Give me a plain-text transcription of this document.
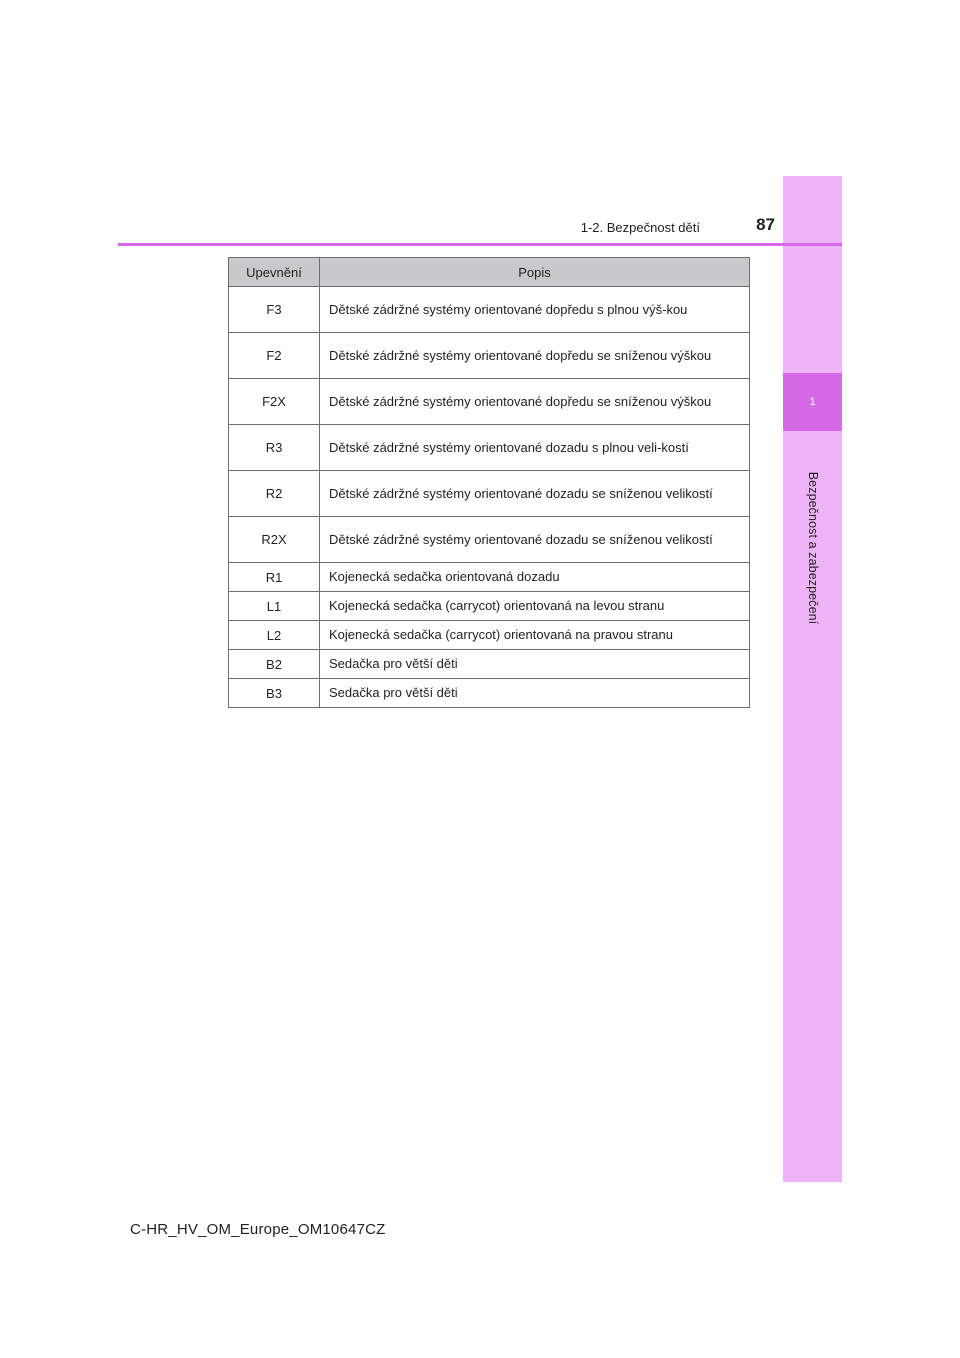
1
Bezpečnost a zabezpečení
1-2. Bezpečnost dětí	87
Upevnění	Popis
F3	Dětské zádržné systémy orientované dopředu s plnou výš-kou
F2	Dětské zádržné systémy orientované dopředu se sníženou výškou
F2X	Dětské zádržné systémy orientované dopředu se sníženou výškou
R3	Dětské zádržné systémy orientované dozadu s plnou veli-kostí
R2	Dětské zádržné systémy orientované dozadu se sníženou velikostí
R2X	Dětské zádržné systémy orientované dozadu se sníženou velikostí
R1	Kojenecká sedačka orientovaná dozadu
L1	Kojenecká sedačka (carrycot) orientovaná na levou stranu
L2	Kojenecká sedačka (carrycot) orientovaná na pravou stranu
B2	Sedačka pro větší děti
B3	Sedačka pro větší děti
C-HR_HV_OM_Europe_OM10647CZ
